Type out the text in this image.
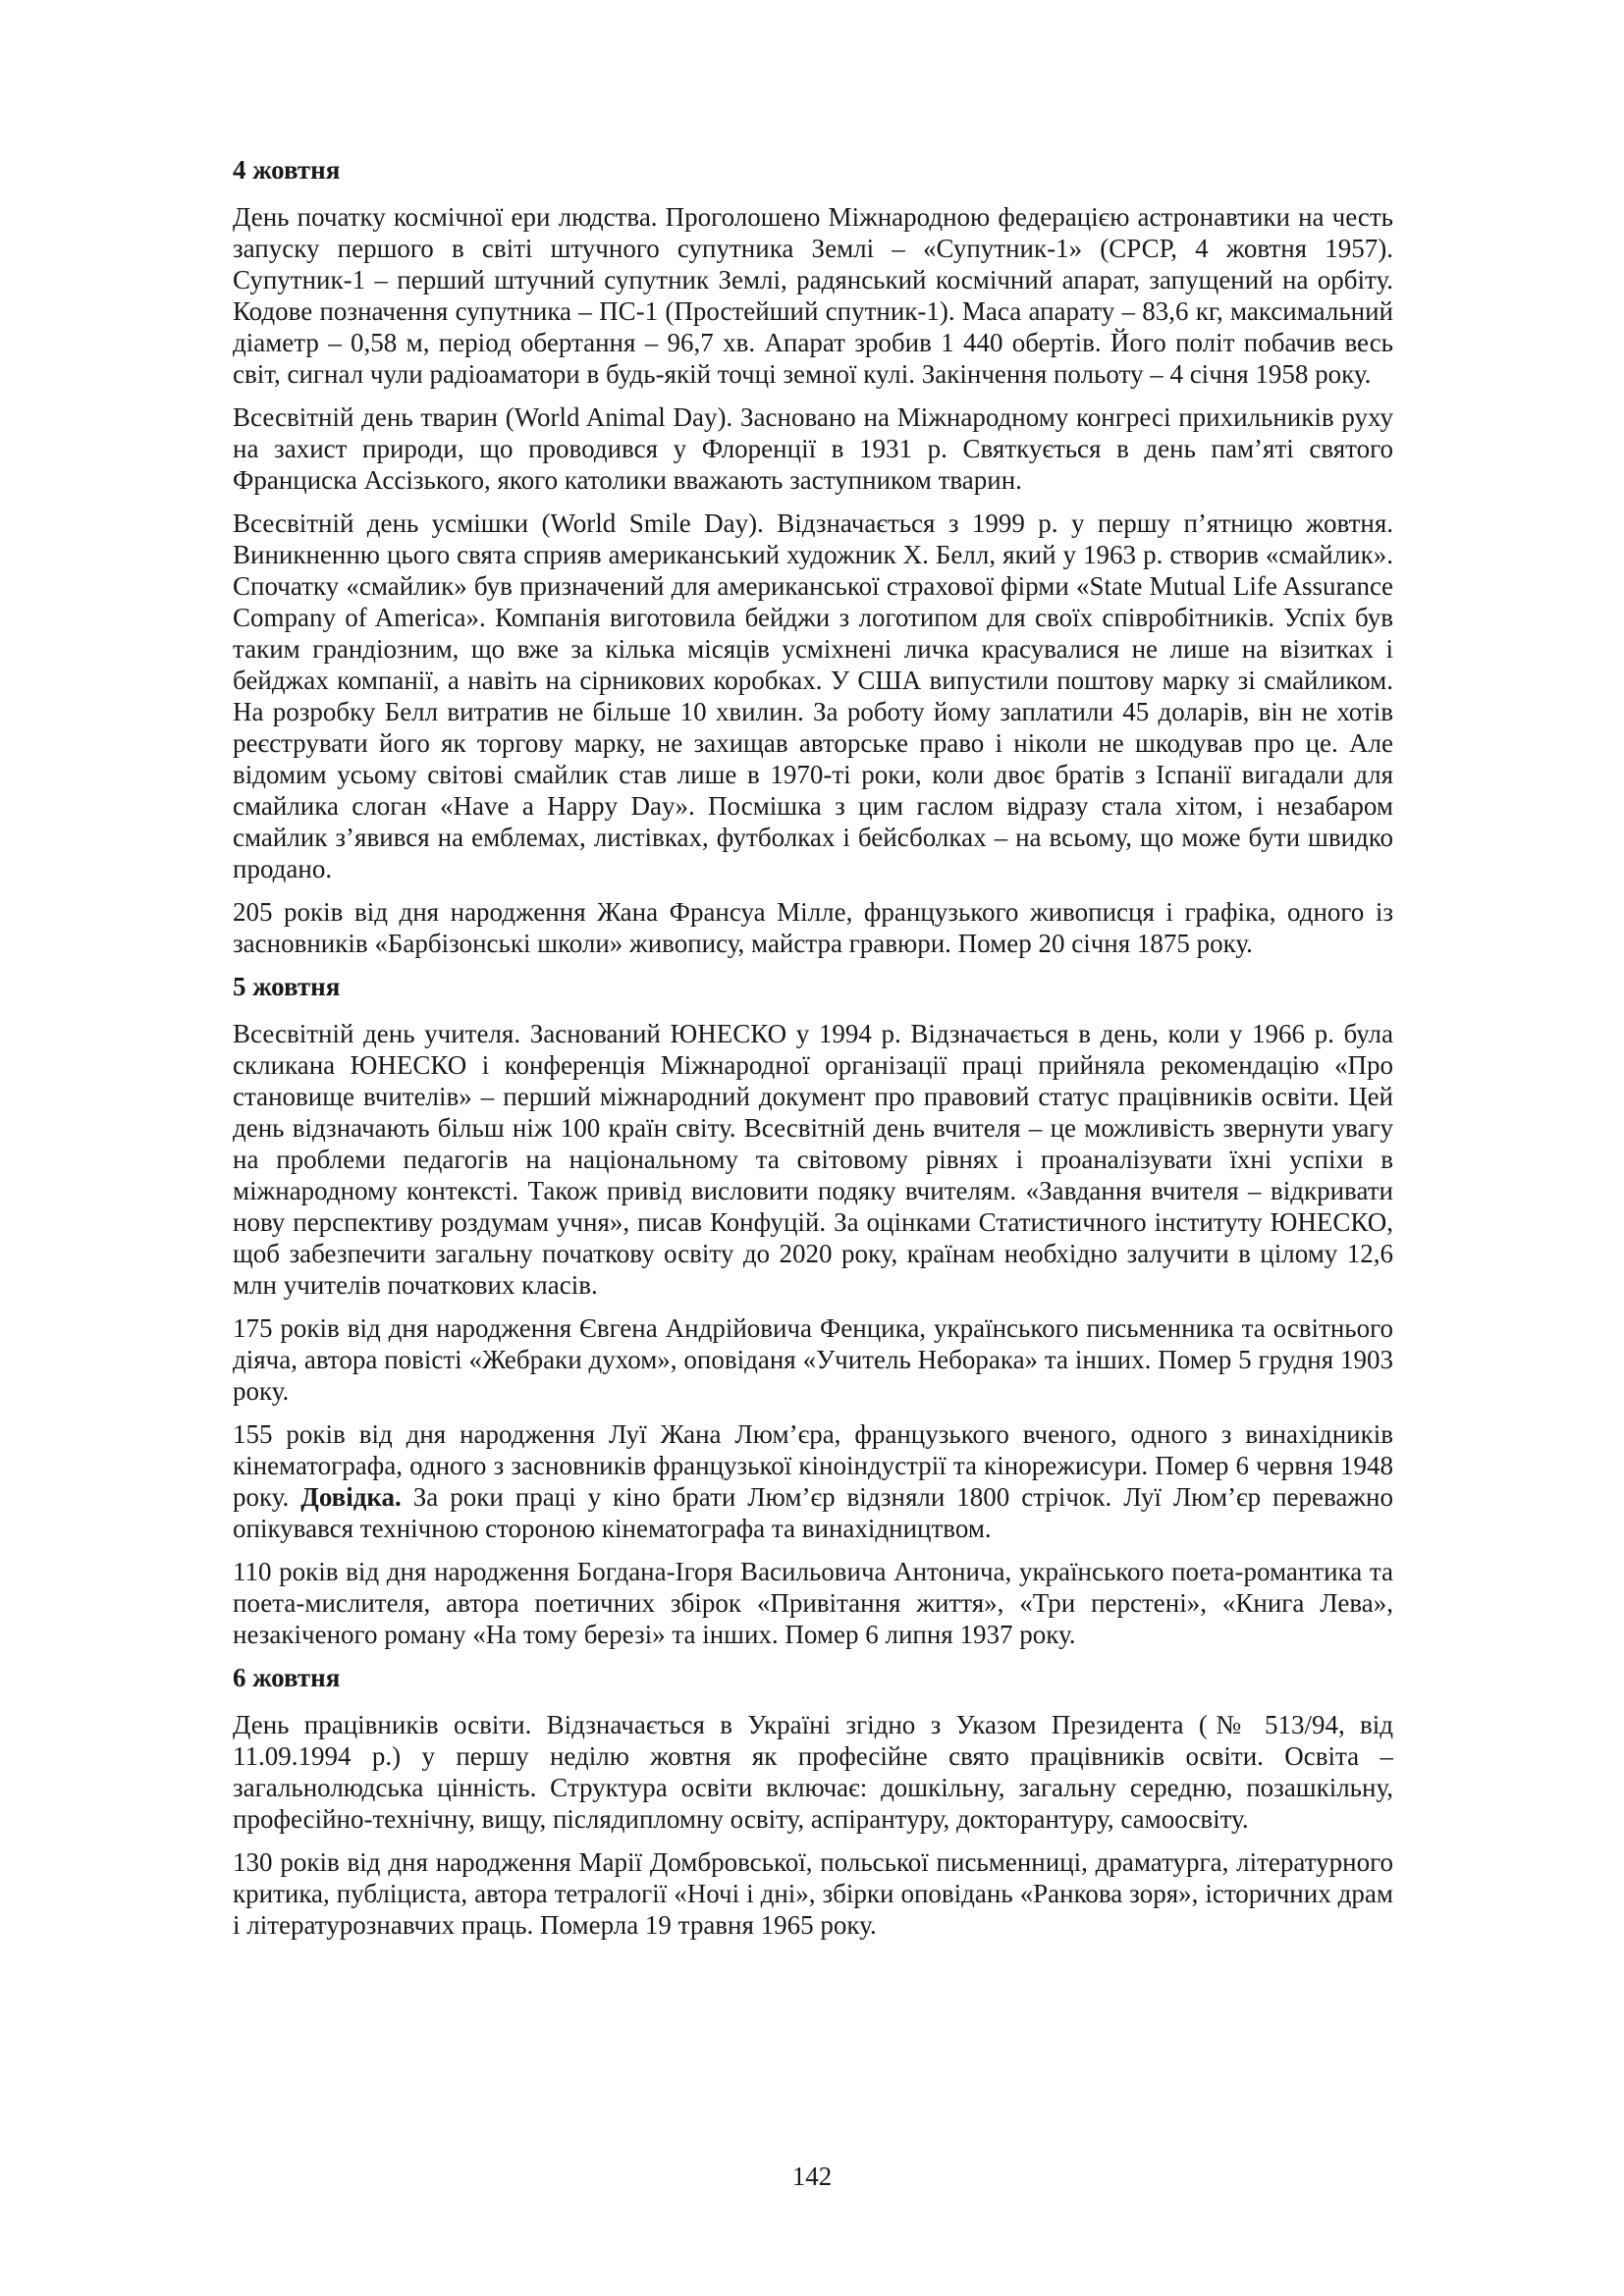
4 жовтня

День початку космічної ери людства. Проголошено Міжнародною федерацією астронавтики на честь запуску першого в світі штучного супутника Землі – «Супутник-1» (СРСР, 4 жовтня 1957). Супутник-1 – перший штучний супутник Землі, радянський космічний апарат, запущений на орбіту. Кодове позначення супутника – ПС-1 (Простейший спутник-1). Маса апарату – 83,6 кг, максимальний діаметр – 0,58 м, період обертання – 96,7 хв. Апарат зробив 1 440 обертів. Його політ побачив весь світ, сигнал чули радіоаматори в будь-якій точці земної кулі. Закінчення польоту – 4 січня 1958 року.

Всесвітній день тварин (World Animal Day). Засновано на Міжнародному конгресі прихильників руху на захист природи, що проводився у Флоренції в 1931 р. Святкується в день пам’яті святого Франциска Ассізького, якого католики вважають заступником тварин.

Всесвітній день усмішки (World Smile Day). Відзначається з 1999 р. у першу п’ятницю жовтня. Виникненню цього свята сприяв американський художник Х. Белл, який у 1963 р. створив «смайлик». Спочатку «смайлик» був призначений для американської страхової фірми «State Mutual Life Assurance Company of America». Компанія виготовила бейджи з логотипом для своїх співробітників. Успіх був таким грандіозним, що вже за кілька місяців усміхнені личка красувалися не лише на візитках і бейджах компанії, а навіть на сірникових коробках. У США випустили поштову марку зі смайликом. На розробку Белл витратив не більше 10 хвилин. За роботу йому заплатили 45 доларів, він не хотів реєструвати його як торгову марку, не захищав авторське право і ніколи не шкодував про це. Але відомим усьому світові смайлик став лише в 1970-ті роки, коли двоє братів з Іспанії вигадали для смайлика слоган «Have a Happy Day». Посмішка з цим гаслом відразу стала хітом, і незабаром смайлик з’явився на емблемах, листівках, футболках і бейсболках – на всьому, що може бути швидко продано.

205 років від дня народження Жана Франсуа Мілле, французького живописця і графіка, одного із засновників «Барбізонські школи» живопису, майстра гравюри. Помер 20 січня 1875 року.

5 жовтня

Всесвітній день учителя. Заснований ЮНЕСКО у 1994 р. Відзначається в день, коли у 1966 р. була скликана ЮНЕСКО і конференція Міжнародної організації праці прийняла рекомендацію «Про становище вчителів» – перший міжнародний документ про правовий статус працівників освіти. Цей день відзначають більш ніж 100 країн світу. Всесвітній день вчителя – це можливість звернути увагу на проблеми педагогів на національному та світовому рівнях і проаналізувати їхні успіхи в міжнародному контексті. Також привід висловити подяку вчителям. «Завдання вчителя – відкривати нову перспективу роздумам учня», писав Конфуцій. За оцінками Статистичного інституту ЮНЕСКО, щоб забезпечити загальну початкову освіту до 2020 року, країнам необхідно залучити в цілому 12,6 млн учителів початкових класів.

175 років від дня народження Євгена Андрійовича Фенцика, українського письменника та освітнього діяча, автора повісті «Жебраки духом», оповіданя «Учитель Неборака» та інших. Помер 5 грудня 1903 року.

155 років від дня народження Луї Жана Люм’єра, французького вченого, одного з винахідників кінематографа, одного з засновників французької кіноіндустрії та кінорежисури. Помер 6 червня 1948 року. Довідка. За роки праці у кіно брати Люм’єр відзняли 1800 стрічок. Луї Люм’єр переважно опікувався технічною стороною кінематографа та винахідництвом.

110 років від дня народження Богдана-Ігоря Васильовича Антонича, українського поета-романтика та поета-мислителя, автора поетичних збірок «Привітання життя», «Три перстені», «Книга Лева», незакіченого роману «На тому березі» та інших. Помер 6 липня 1937 року.

6 жовтня

День працівників освіти. Відзначається в Україні згідно з Указом Президента (№ 513/94, від 11.09.1994 р.) у першу неділю жовтня як професійне свято працівників освіти. Освіта – загальнолюдська цінність. Структура освіти включає: дошкільну, загальну середню, позашкільну, професійно-технічну, вищу, післядипломну освіту, аспірантуру, докторантуру, самоосвіту.

130 років від дня народження Марії Домбровської, польської письменниці, драматурга, літературного критика, публіциста, автора тетралогії «Ночі і дні», збірки оповідань «Ранкова зоря», історичних драм і літературознавчих праць. Померла 19 травня 1965 року.

142
